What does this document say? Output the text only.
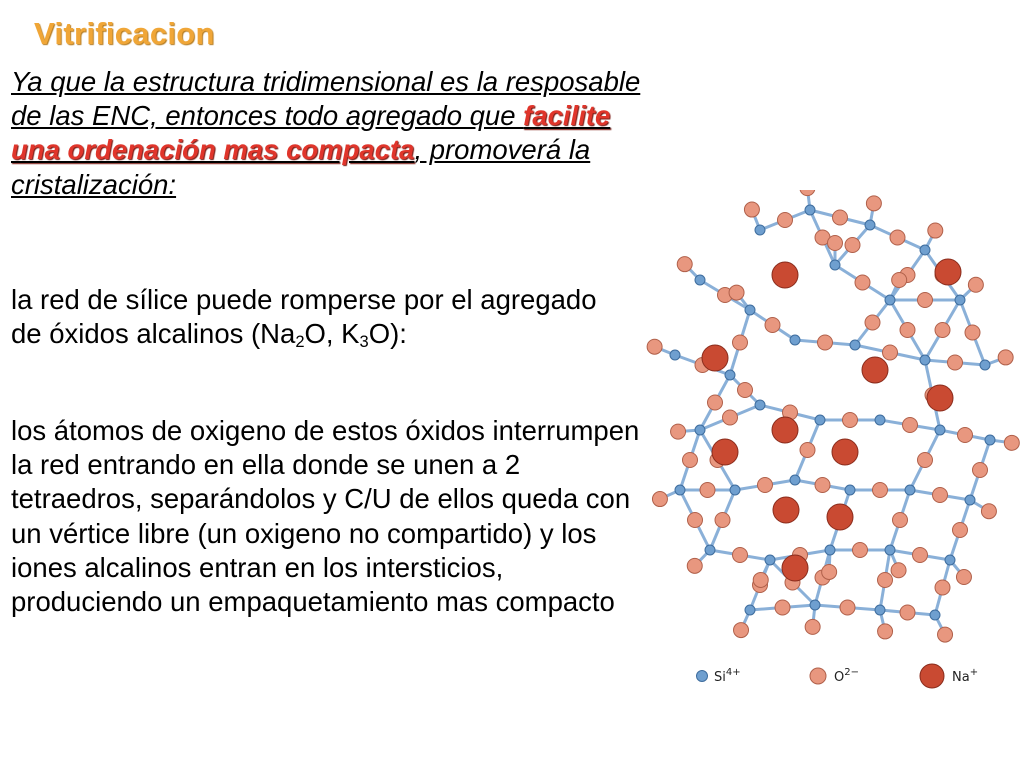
Vitrificacion

Ya que la estructura tridimensional es la resposable de las ENC, entonces todo agregado que facilite una ordenación mas compacta, promoverá la cristalización:

la red de sílice puede romperse por el agregado de óxidos alcalinos ($Na_2O$, $K_3O$):

los átomos de oxigeno de estos óxidos interrumpen la red entrando en ella donde se unen a 2 tetraedros, separándolos y C/U de ellos queda con un vértice libre (un oxigeno no compartido) y los iones alcalinos entran en los intersticios, produciendo un empaquetamiento mas compacto

$Si^{4+}$	$O^{2-}$	Na+
